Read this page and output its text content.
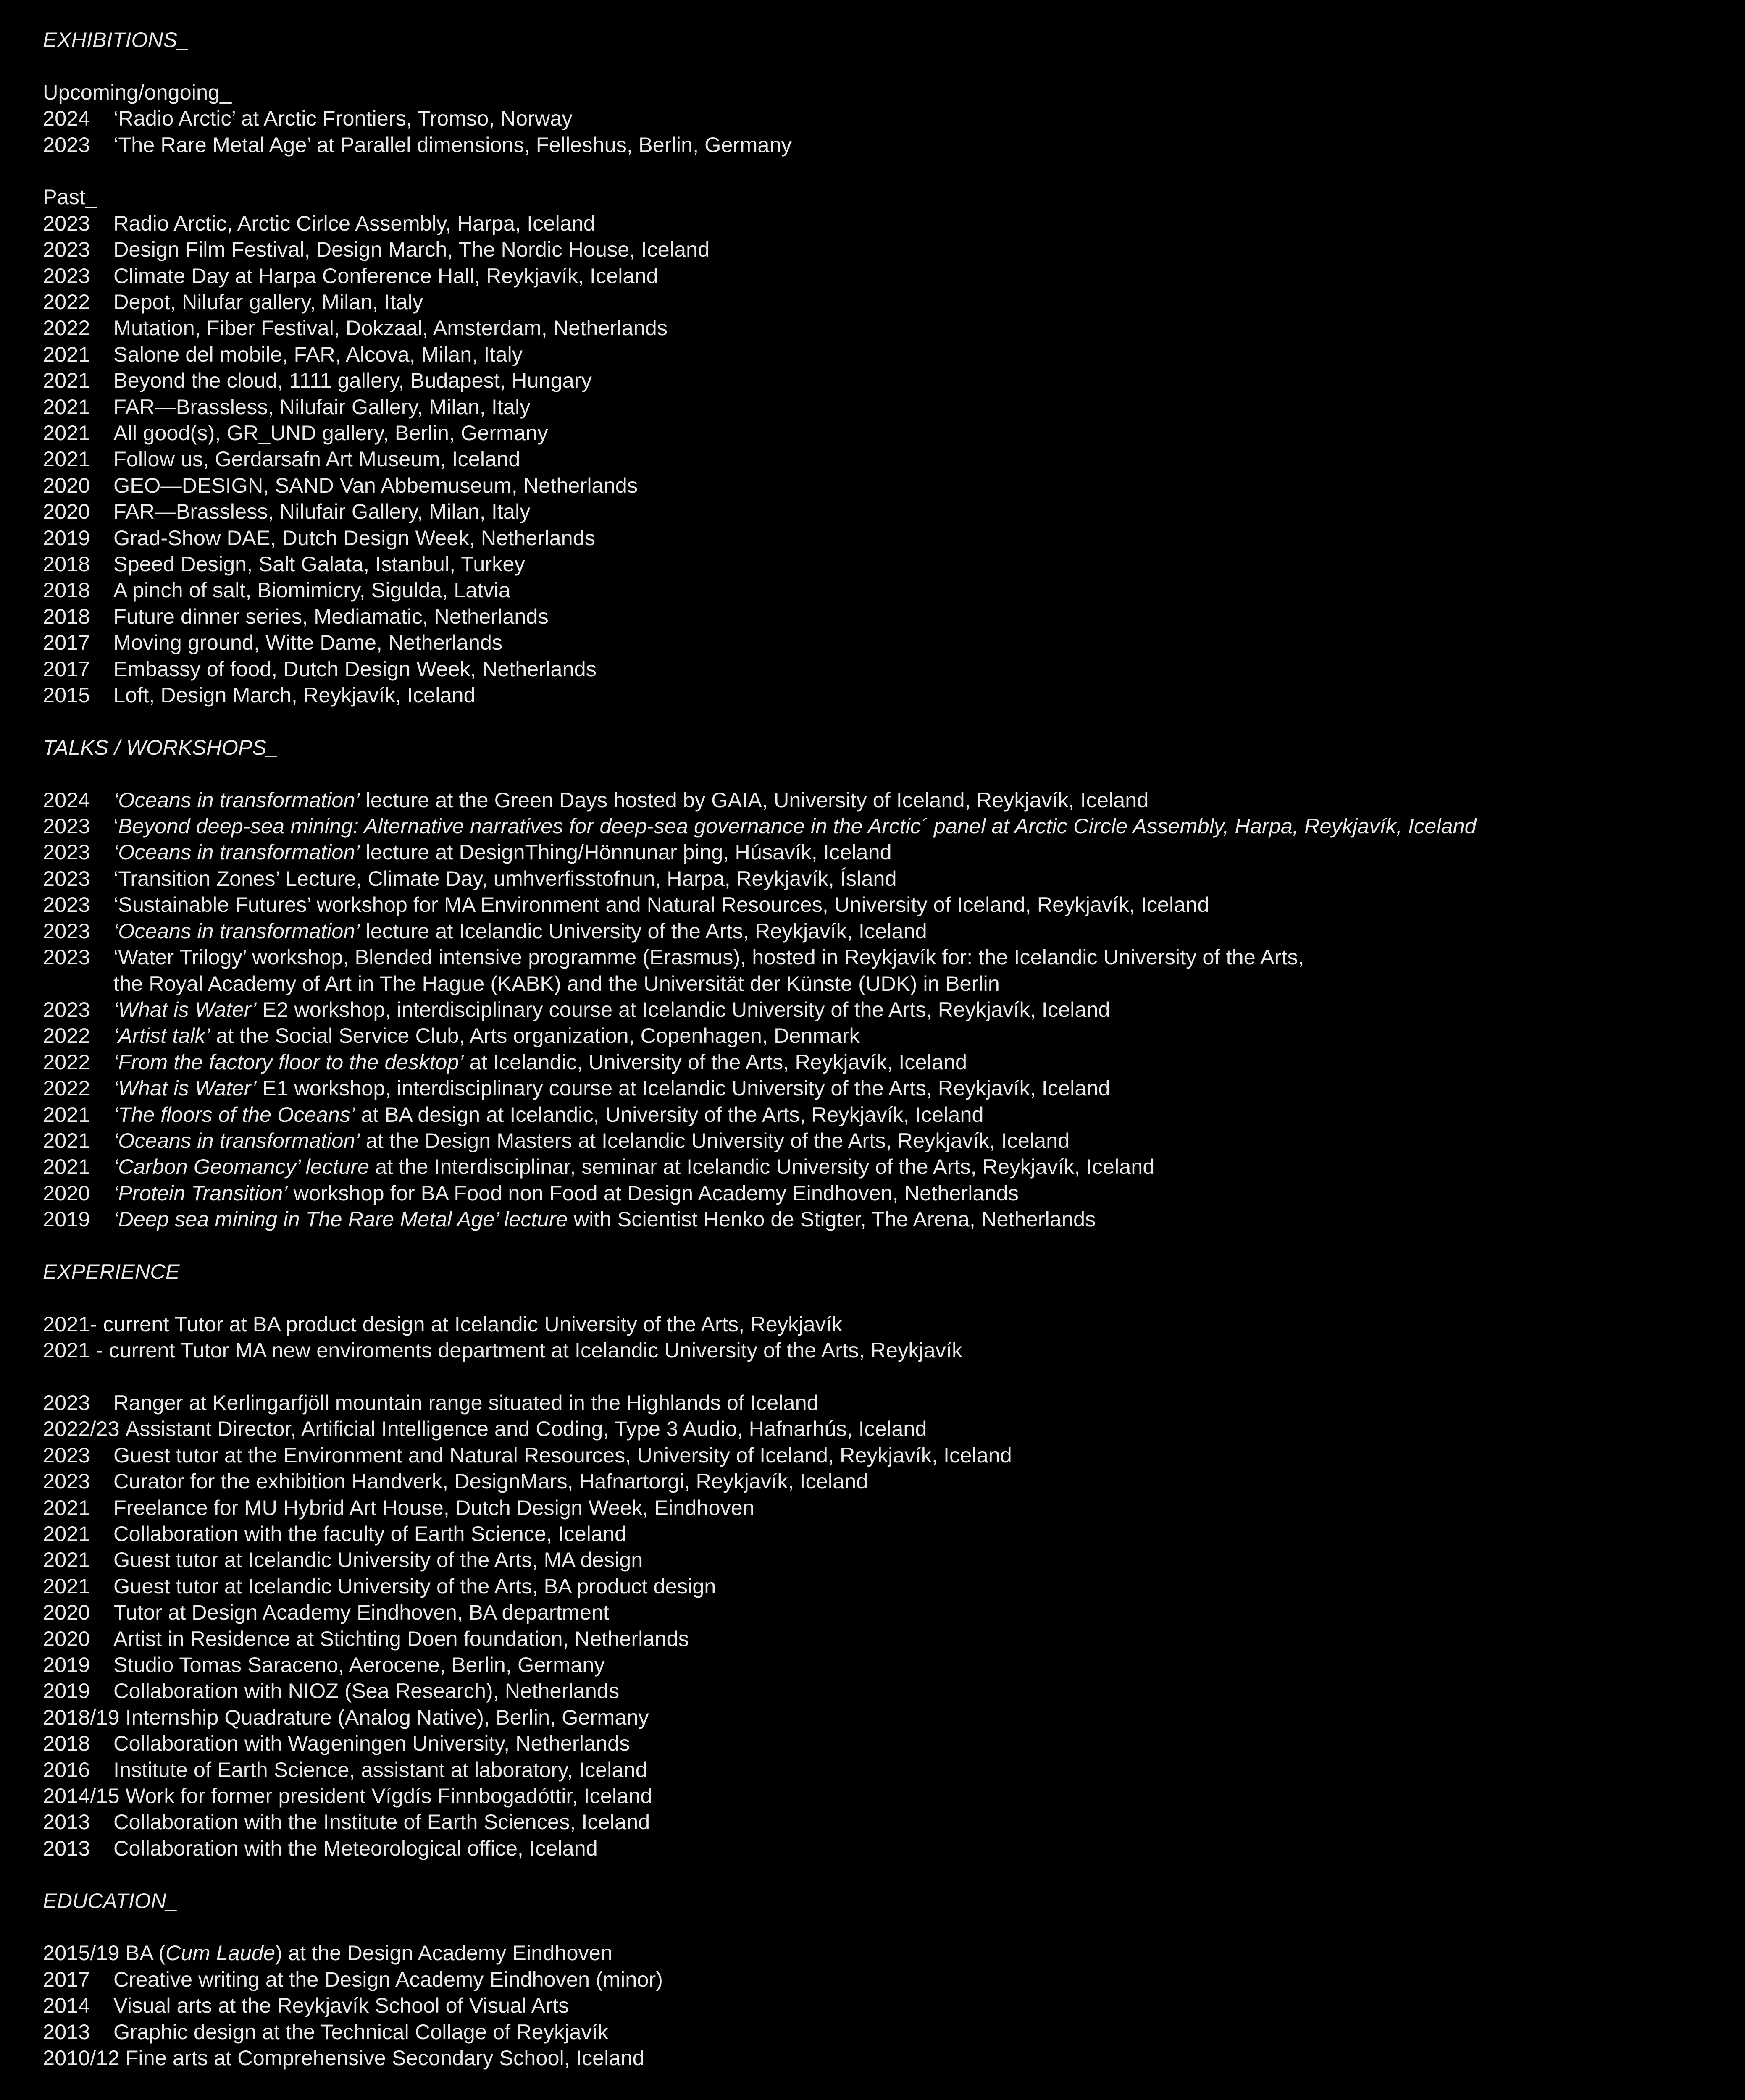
EXHIBITIONS_
Upcoming/ongoing_
2024	‘Radio Arctic’ at Arctic Frontiers, Tromso, Norway
2023	‘The Rare Metal Age’ at Parallel dimensions, Felleshus, Berlin, Germany
Past_
2023	Radio Arctic, Arctic Cirlce Assembly, Harpa, Iceland
2023	Design Film Festival, Design March, The Nordic House, Iceland
2023	Climate Day at Harpa Conference Hall, Reykjavík, Iceland
2022	Depot, Nilufar gallery, Milan, Italy
2022	Mutation, Fiber Festival, Dokzaal, Amsterdam, Netherlands
2021	Salone del mobile, FAR, Alcova, Milan, Italy
2021	Beyond the cloud, 1111 gallery, Budapest, Hungary
2021	FAR—Brassless, Nilufair Gallery, Milan, Italy
2021	All good(s), GR_UND gallery, Berlin, Germany
2021	Follow us, Gerdarsafn Art Museum, Iceland
2020	GEO—DESIGN, SAND Van Abbemuseum, Netherlands
2020	FAR—Brassless, Nilufair Gallery, Milan, Italy
2019	Grad-Show DAE, Dutch Design Week, Netherlands
2018	Speed Design, Salt Galata, Istanbul, Turkey
2018	A pinch of salt, Biomimicry, Sigulda, Latvia
2018	Future dinner series, Mediamatic, Netherlands
2017	Moving ground, Witte Dame, Netherlands
2017	Embassy of food, Dutch Design Week, Netherlands
2015	Loft, Design March, Reykjavík, Iceland
TALKS / WORKSHOPS_
2024	‘Oceans in transformation’ lecture at the Green Days hosted by GAIA, University of Iceland, Reykjavík, Iceland
2023	‘Beyond deep-sea mining: Alternative narratives for deep-sea governance in the Arctic´ panel at Arctic Circle Assembly, Harpa, Reykjavík, Iceland
2023	‘Oceans in transformation’ lecture at DesignThing/Hönnunar þing, Húsavík, Iceland
2023	‘Transition Zones’ Lecture, Climate Day, umhverfisstofnun, Harpa, Reykjavík, Ísland
2023	‘Sustainable Futures’ workshop for MA Environment and Natural Resources, University of Iceland, Reykjavík, Iceland
2023	‘Oceans in transformation’ lecture at Icelandic University of the Arts, Reykjavík, Iceland
2023	‘Water Trilogy’ workshop, Blended intensive programme (Erasmus), hosted in Reykjavík for: the Icelandic University of the Arts,
the Royal Academy of Art in The Hague (KABK) and the Universität der Künste (UDK) in Berlin
2023	‘What is Water’ E2 workshop, interdisciplinary course at Icelandic University of the Arts, Reykjavík, Iceland
2022	‘Artist talk’ at the Social Service Club, Arts organization, Copenhagen, Denmark
2022	‘From the factory floor to the desktop’ at Icelandic, University of the Arts, Reykjavík, Iceland
2022	‘What is Water’ E1 workshop, interdisciplinary course at Icelandic University of the Arts, Reykjavík, Iceland
2021	‘The floors of the Oceans’ at BA design at Icelandic, University of the Arts, Reykjavík, Iceland
2021	‘Oceans in transformation’ at the Design Masters at Icelandic University of the Arts, Reykjavík, Iceland
2021	‘Carbon Geomancy’ lecture at the Interdisciplinar, seminar at Icelandic University of the Arts, Reykjavík, Iceland
2020	‘Protein Transition’ workshop for BA Food non Food at Design Academy Eindhoven, Netherlands
2019	‘Deep sea mining in The Rare Metal Age’ lecture with Scientist Henko de Stigter, The Arena, Netherlands
EXPERIENCE_
2021- current Tutor at BA product design at Icelandic University of the Arts, Reykjavík
2021 - current Tutor MA new enviroments department at Icelandic University of the Arts, Reykjavík
2023	Ranger at Kerlingarfjöll mountain range situated in the Highlands of Iceland
2022/23 Assistant Director, Artificial Intelligence and Coding, Type 3 Audio, Hafnarhús, Iceland
2023	Guest tutor at the Environment and Natural Resources, University of Iceland, Reykjavík, Iceland
2023	Curator for the exhibition Handverk, DesignMars, Hafnartorgi, Reykjavík, Iceland
2021	Freelance for MU Hybrid Art House, Dutch Design Week, Eindhoven
2021	Collaboration with the faculty of Earth Science, Iceland
2021	Guest tutor at Icelandic University of the Arts, MA design
2021	Guest tutor at Icelandic University of the Arts, BA product design
2020	Tutor at Design Academy Eindhoven, BA department
2020	Artist in Residence at Stichting Doen foundation, Netherlands
2019	Studio Tomas Saraceno, Aerocene, Berlin, Germany
2019	Collaboration with NIOZ (Sea Research), Netherlands
2018/19 Internship Quadrature (Analog Native), Berlin, Germany
2018	Collaboration with Wageningen University, Netherlands
2016	Institute of Earth Science, assistant at laboratory, Iceland
2014/15 Work for former president Vígdís Finnbogadóttir, Iceland
2013	Collaboration with the Institute of Earth Sciences, Iceland
2013	Collaboration with the Meteorological office, Iceland
EDUCATION_
2015/19 BA (Cum Laude) at the Design Academy Eindhoven
2017	Creative writing at the Design Academy Eindhoven (minor)
2014	Visual arts at the Reykjavík School of Visual Arts
2013	Graphic design at the Technical Collage of Reykjavík
2010/12 Fine arts at Comprehensive Secondary School, Iceland
